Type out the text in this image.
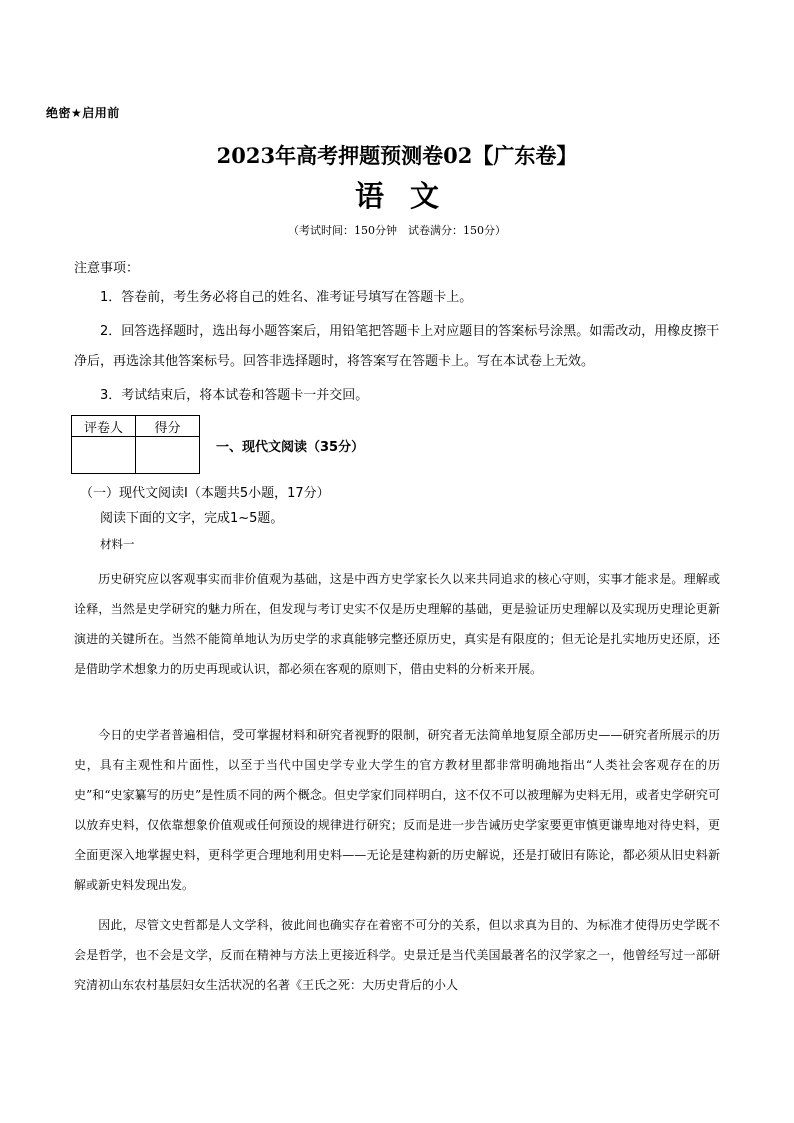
绝密★启用前
2023年高考押题预测卷02【广东卷】
语文
（考试时间：150分钟　试卷满分：150分）
注意事项：
1．答卷前，考生务必将自己的姓名、准考证号填写在答题卡上。
2．回答选择题时，选出每小题答案后，用铅笔把答题卡上对应题目的答案标号涂黑。如需改动，用橡皮擦干净后，再选涂其他答案标号。回答非选择题时，将答案写在答题卡上。写在本试卷上无效。
3．考试结束后，将本试卷和答题卡一并交回。
评卷人	得分

一、现代文阅读（35分）
（一）现代文阅读Ⅰ（本题共5小题，17分）
阅读下面的文字，完成1~5题。
材料一
历史研究应以客观事实而非价值观为基础，这是中西方史学家长久以来共同追求的核心守则，实事才能求是。理解或诠释，当然是史学研究的魅力所在，但发现与考订史实不仅是历史理解的基础，更是验证历史理解以及实现历史理论更新演进的关键所在。当然不能简单地认为历史学的求真能够完整还原历史，真实是有限度的；但无论是扎实地历史还原，还是借助学术想象力的历史再现或认识，都必须在客观的原则下，借由史料的分析来开展。
今日的史学者普遍相信，受可掌握材料和研究者视野的限制，研究者无法简单地复原全部历史——研究者所展示的历史，具有主观性和片面性，以至于当代中国史学专业大学生的官方教材里都非常明确地指出“人类社会客观存在的历史”和“史家纂写的历史”是性质不同的两个概念。但史学家们同样明白，这不仅不可以被理解为史料无用，或者史学研究可以放弃史料，仅依靠想象价值观或任何预设的规律进行研究；反而是进一步告诫历史学家要更审慎更谦卑地对待史料，更全面更深入地掌握史料，更科学更合理地利用史料——无论是建构新的历史解说，还是打破旧有陈论，都必须从旧史料新解或新史料发现出发。
因此，尽管文史哲都是人文学科，彼此间也确实存在着密不可分的关系，但以求真为目的、为标准才使得历史学既不会是哲学，也不会是文学，反而在精神与方法上更接近科学。史景迁是当代美国最著名的汉学家之一，他曾经写过一部研究清初山东农村基层妇女生活状况的名著《王氏之死：大历史背后的小人
